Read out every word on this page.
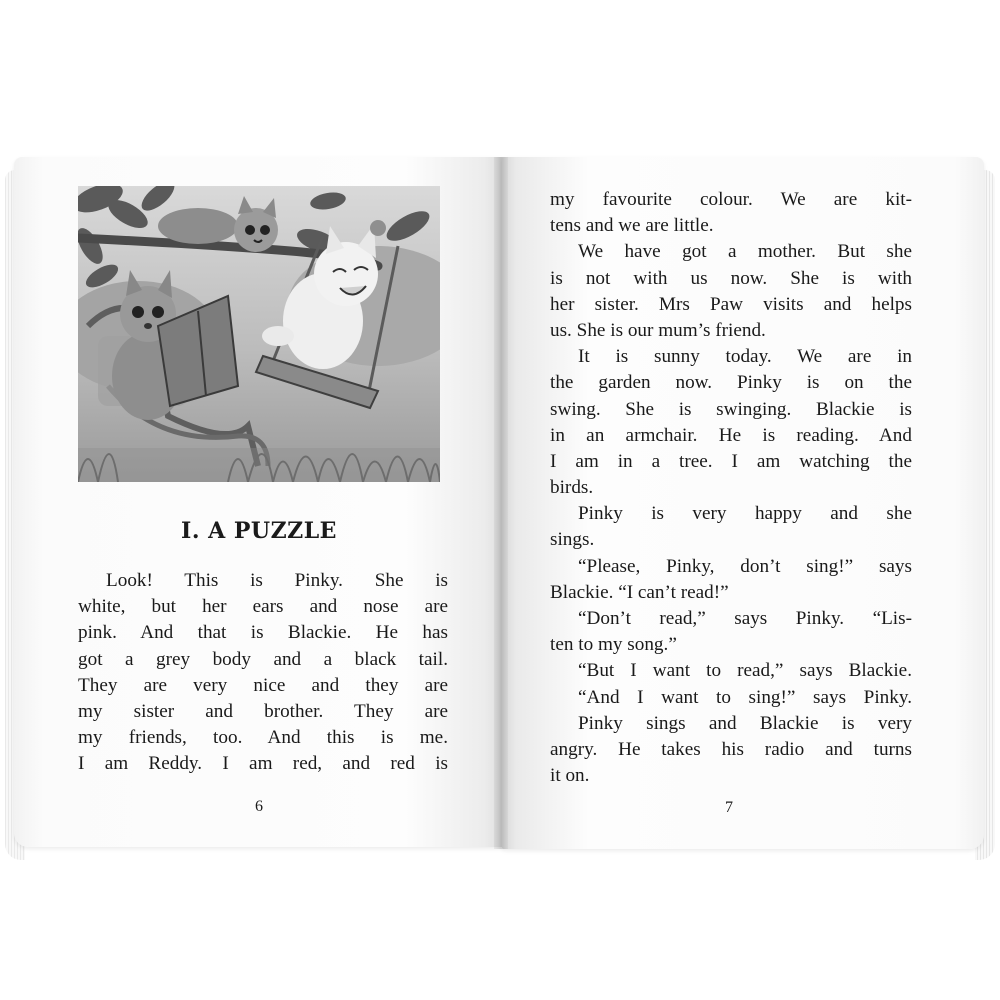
I. A PUZZLE
Look! This is Pinky. She is
white, but her ears and nose are
pink. And that is Blackie. He has
got a grey body and a black tail.
They are very nice and they are
my sister and brother. They are
my friends, too. And this is me.
I am Reddy. I am red, and red is
6
my favourite colour. We are kit-
tens and we are little.
We have got a mother. But she
is not with us now. She is with
her sister. Mrs Paw visits and helps
us. She is our mum’s friend.
It is sunny today. We are in
the garden now. Pinky is on the
swing. She is swinging. Blackie is
in an armchair. He is reading. And
I am in a tree. I am watching the
birds.
Pinky is very happy and she
sings.
“Please, Pinky, don’t sing!” says
Blackie. “I can’t read!”
“Don’t read,” says Pinky. “Lis-
ten to my song.”
“But I want to read,” says Blackie.
“And I want to sing!” says Pinky.
Pinky sings and Blackie is very
angry. He takes his radio and turns
it on.
7
